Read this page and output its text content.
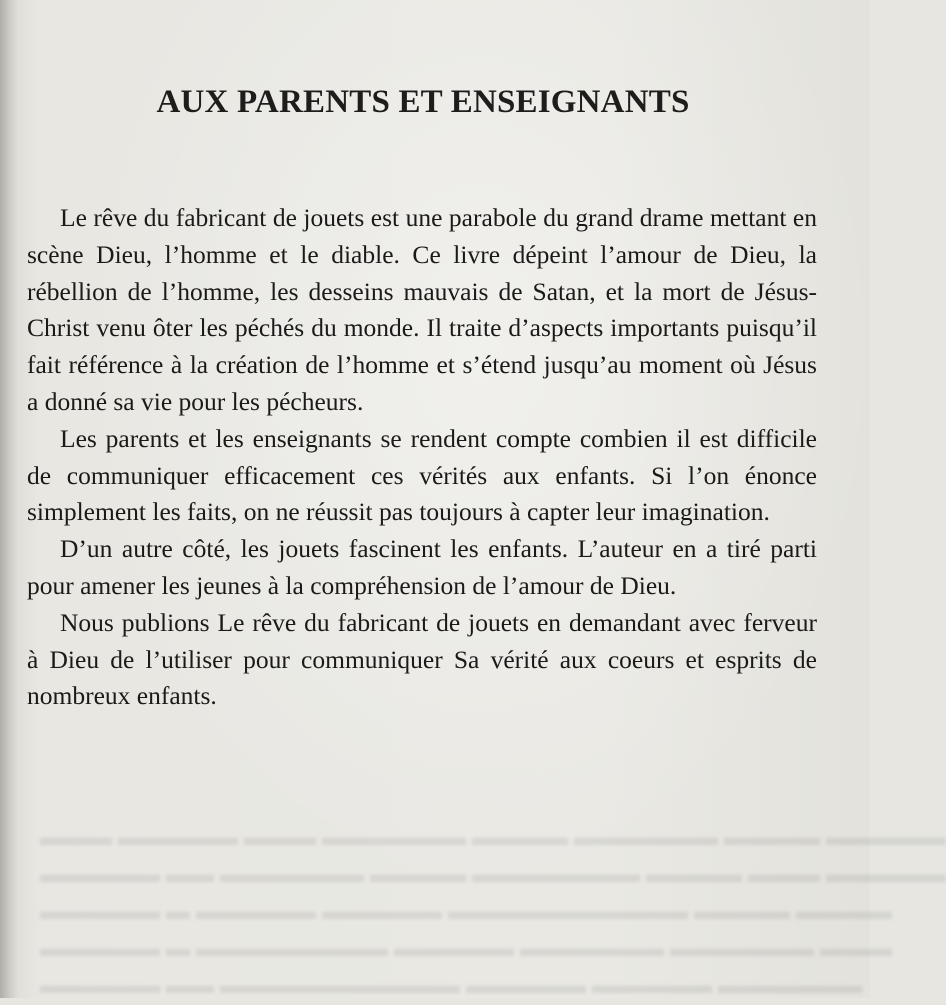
AUX PARENTS ET ENSEIGNANTS

Le rêve du fabricant de jouets est une parabole du grand drame mettant en scène Dieu, l’homme et le diable. Ce livre dépeint l’amour de Dieu, la rébellion de l’homme, les desseins mauvais de Satan, et la mort de Jésus-Christ venu ôter les péchés du monde. Il traite d’aspects importants puisqu’il fait référence à la création de l’homme et s’étend jusqu’au moment où Jésus a donné sa vie pour les pécheurs.

Les parents et les enseignants se rendent compte combien il est difficile de communiquer efficacement ces vérités aux enfants. Si l’on énonce simplement les faits, on ne réussit pas toujours à capter leur imagination.

D’un autre côté, les jouets fascinent les enfants. L’auteur en a tiré parti pour amener les jeunes à la compréhension de l’amour de Dieu.

Nous publions Le rêve du fabricant de jouets en demandant avec ferveur à Dieu de l’utiliser pour communiquer Sa vérité aux coeurs et esprits de nombreux enfants.

▬▬▬ ▬▬▬▬▬ ▬▬▬ ▬▬▬▬▬▬ ▬▬▬▬ ▬▬▬▬▬▬ ▬▬▬▬ ▬▬▬▬▬
▬▬▬▬▬ ▬▬ ▬▬▬▬▬▬ ▬▬▬▬ ▬▬▬▬▬▬▬ ▬▬▬▬ ▬▬▬ ▬▬▬▬▬
▬▬▬▬▬ ▬ ▬▬▬▬▬ ▬▬▬▬▬ ▬▬▬▬▬▬▬▬▬▬ ▬▬▬▬ ▬▬▬▬
▬▬▬▬▬ ▬ ▬▬▬▬▬▬▬▬ ▬▬▬▬▬ ▬▬▬▬▬▬ ▬▬▬▬▬▬ ▬▬▬
▬▬▬▬▬ ▬▬ ▬▬▬▬▬▬▬▬▬▬ ▬▬▬▬▬ ▬▬▬▬▬ ▬▬▬▬▬▬
